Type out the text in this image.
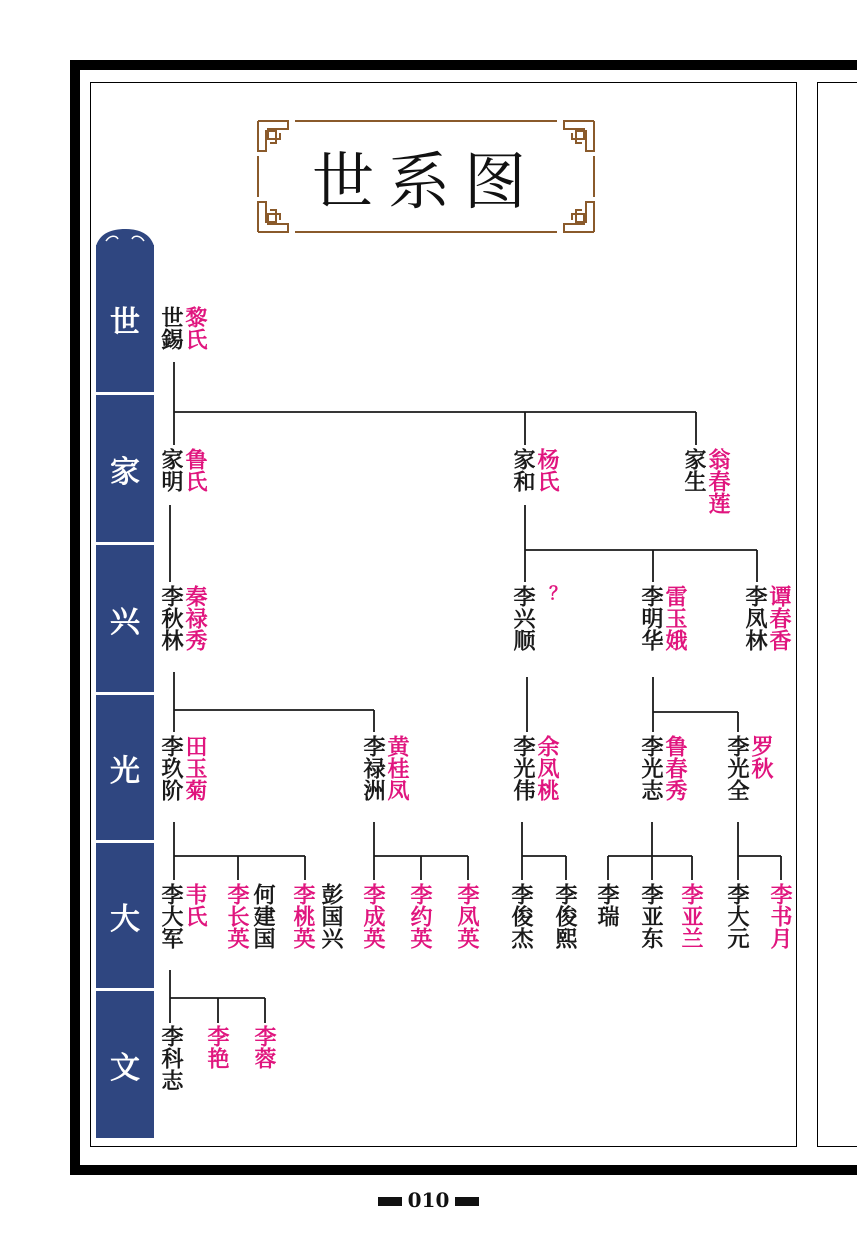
世系图
世
家
兴
光
大
文
世錫
黎氏
家明
鲁氏	家和
杨氏	家生
翁春莲
李秋林
秦禄秀	李兴顺 ？	李明华
雷玉娥 李凤林
谭春香
李玖阶
田玉菊	李禄洲
黄桂凤	李光伟
余凤桃	李光志
鲁春秀 李光全
罗秋
李大军
韦氏 李长英 何建国 李桃英 彭国兴 李成英 李约英 李凤英 李俊杰 李俊熙 李瑞 李亚东 李亚兰 李大元 李书月
李科志 李艳 李蓉
010
